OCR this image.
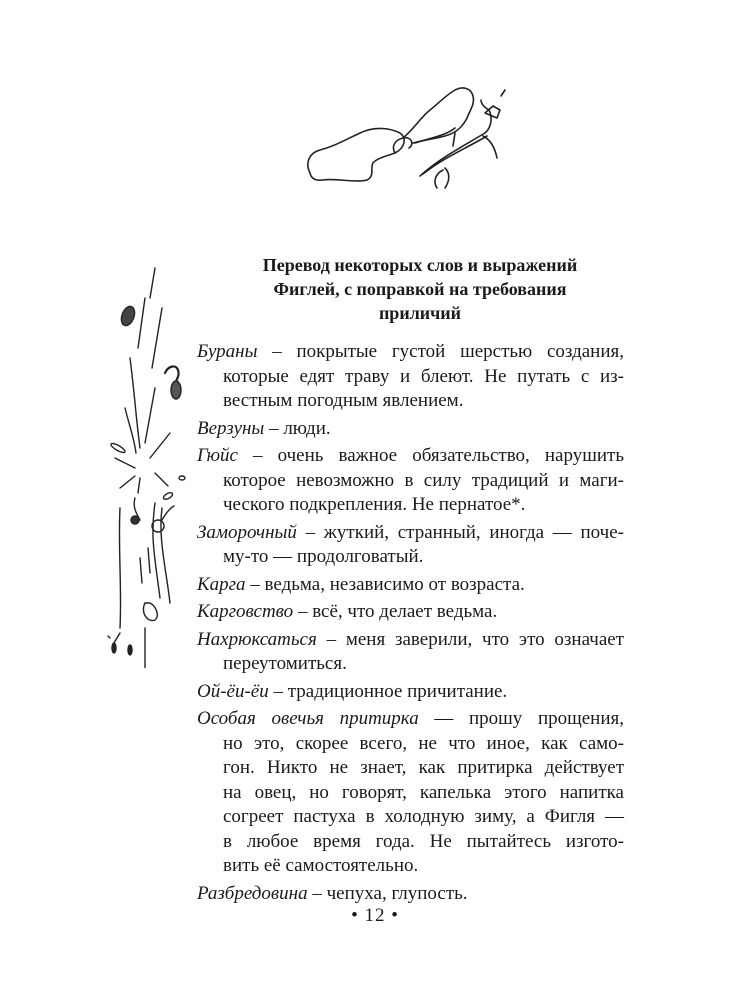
Перевод некоторых слов и выражений
Фиглей, с поправкой на требования
приличий
Бураны – покрытые густой шерстью создания,
которые едят траву и блеют. Не путать с из-
вестным погодным явлением.
Верзуны – люди.
Гюйс – очень важное обязательство, нарушить
которое невозможно в силу традиций и маги-
ческого подкрепления. Не пернатое*.
Заморочный – жуткий, странный, иногда — поче-
му-то — продолговатый.
Карга – ведьма, независимо от возраста.
Карговство – всё, что делает ведьма.
Нахрюксаться – меня заверили, что это означает
переутомиться.
Ой-ёи-ёи – традиционное причитание.
Особая овечья притирка — прошу прощения,
но это, скорее всего, не что иное, как само-
гон. Никто не знает, как притирка действует
на овец, но говорят, капелька этого напитка
согреет пастуха в холодную зиму, а Фигля —
в любое время года. Не пытайтесь изгото-
вить её самостоятельно.
Разбредовина – чепуха, глупость.
• 12 •
